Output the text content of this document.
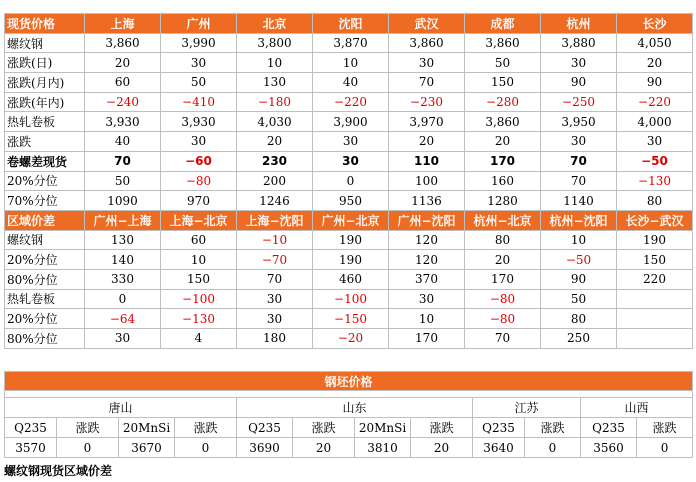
现货价格	上海	广州	北京	沈阳	武汉	成都	杭州	长沙
螺纹钢	3,860	3,990	3,800	3,870	3,860	3,860	3,880	4,050
涨跌(日)	20	30	10	10	30	50	30	20
涨跌(月内)	60	50	130	40	70	150	90	90
涨跌(年内)	−240	−410	−180	−220	−230	−280	−250	−220
热轧卷板	3,930	3,930	4,030	3,900	3,970	3,860	3,950	4,000
涨跌	40	30	20	30	20	20	30	30
卷螺差现货	70	−60	230	30	110	170	70	−50
20%分位	50	−80	200	0	100	160	70	−130
70%分位	1090	970	1246	950	1136	1280	1140	80
区域价差	广州−上海	上海−北京	上海−沈阳	广州−北京	广州−沈阳	杭州−北京	杭州−沈阳	长沙−武汉
螺纹钢	130	60	−10	190	120	80	10	190
20%分位	140	10	−70	190	120	20	−50	150
80%分位	330	150	70	460	370	170	90	220
热轧卷板	0	−100	30	−100	30	−80	50	
20%分位	−64	−130	30	−150	10	−80	80	
80%分位	30	4	180	−20	170	70	250	
钢坯价格											

唐山				山东				江苏		山西	
Q235	涨跌	20MnSi	涨跌	Q235	涨跌	20MnSi	涨跌	Q235	涨跌	Q235	涨跌
3570	0	3670	0	3690	20	3810	20	3640	0	3560	0
螺纹钢现货区域价差
